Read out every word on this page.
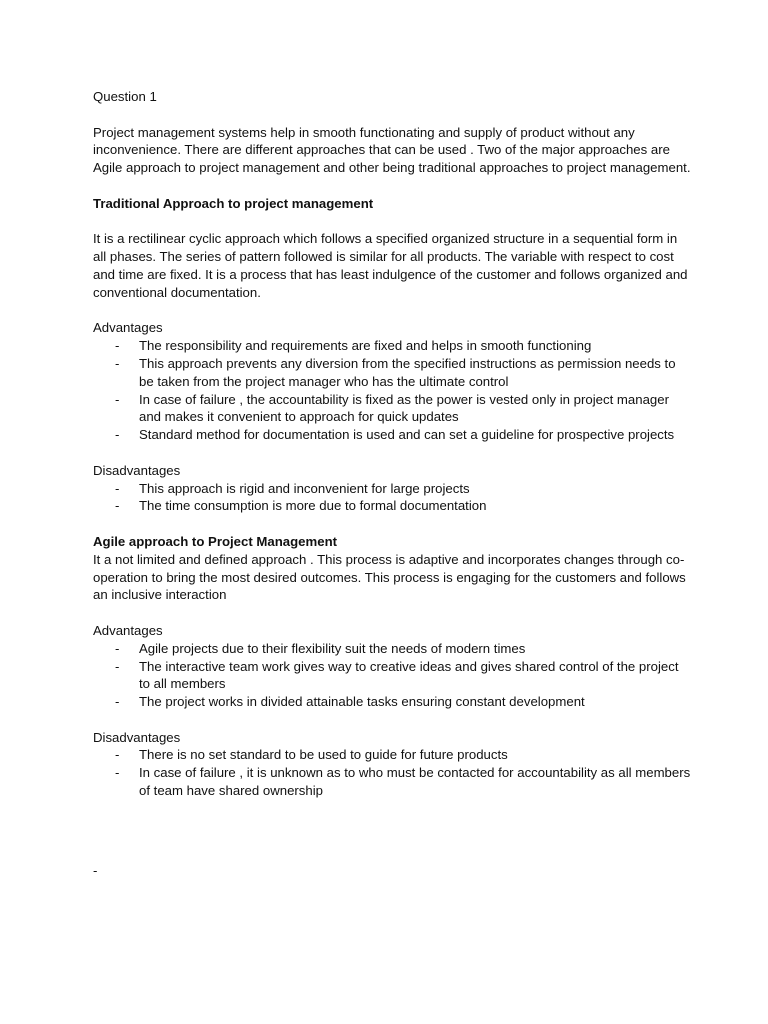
Question 1

Project management systems help in smooth functionating and supply of product without any inconvenience. There are different approaches that can be used . Two of the major approaches are Agile approach to project management and other being traditional approaches to project management.

Traditional Approach to project management

It is a rectilinear cyclic approach which follows a specified organized structure in a sequential form in all phases. The series of pattern followed is similar for all products. The variable with respect to cost and time are fixed. It is a process that has least indulgence of the customer and follows organized and conventional documentation.

Advantages

- The responsibility and requirements are fixed and helps in smooth functioning
- This approach prevents any diversion from the specified instructions as permission needs to be taken from the project manager who has the ultimate control
- In case of failure , the accountability is fixed as the power is vested only in project manager and makes it convenient to approach for quick updates
- Standard method for documentation is used and can set a guideline for prospective projects

Disadvantages

- This approach is rigid and inconvenient for large projects
- The time consumption is more due to formal documentation

Agile approach to Project Management

It a not limited and defined approach . This process is adaptive and incorporates changes through co-operation to bring the most desired outcomes. This process is engaging for the customers and follows an inclusive interaction

Advantages

- Agile projects due to their flexibility suit the needs of modern times
- The interactive team work gives way to creative ideas and gives shared control of the project to all members
- The project works in divided attainable tasks ensuring constant development

Disadvantages

- There is no set standard to be used to guide for future products
- In case of failure , it is unknown as to who must be contacted for accountability as all members of team have shared ownership
-
